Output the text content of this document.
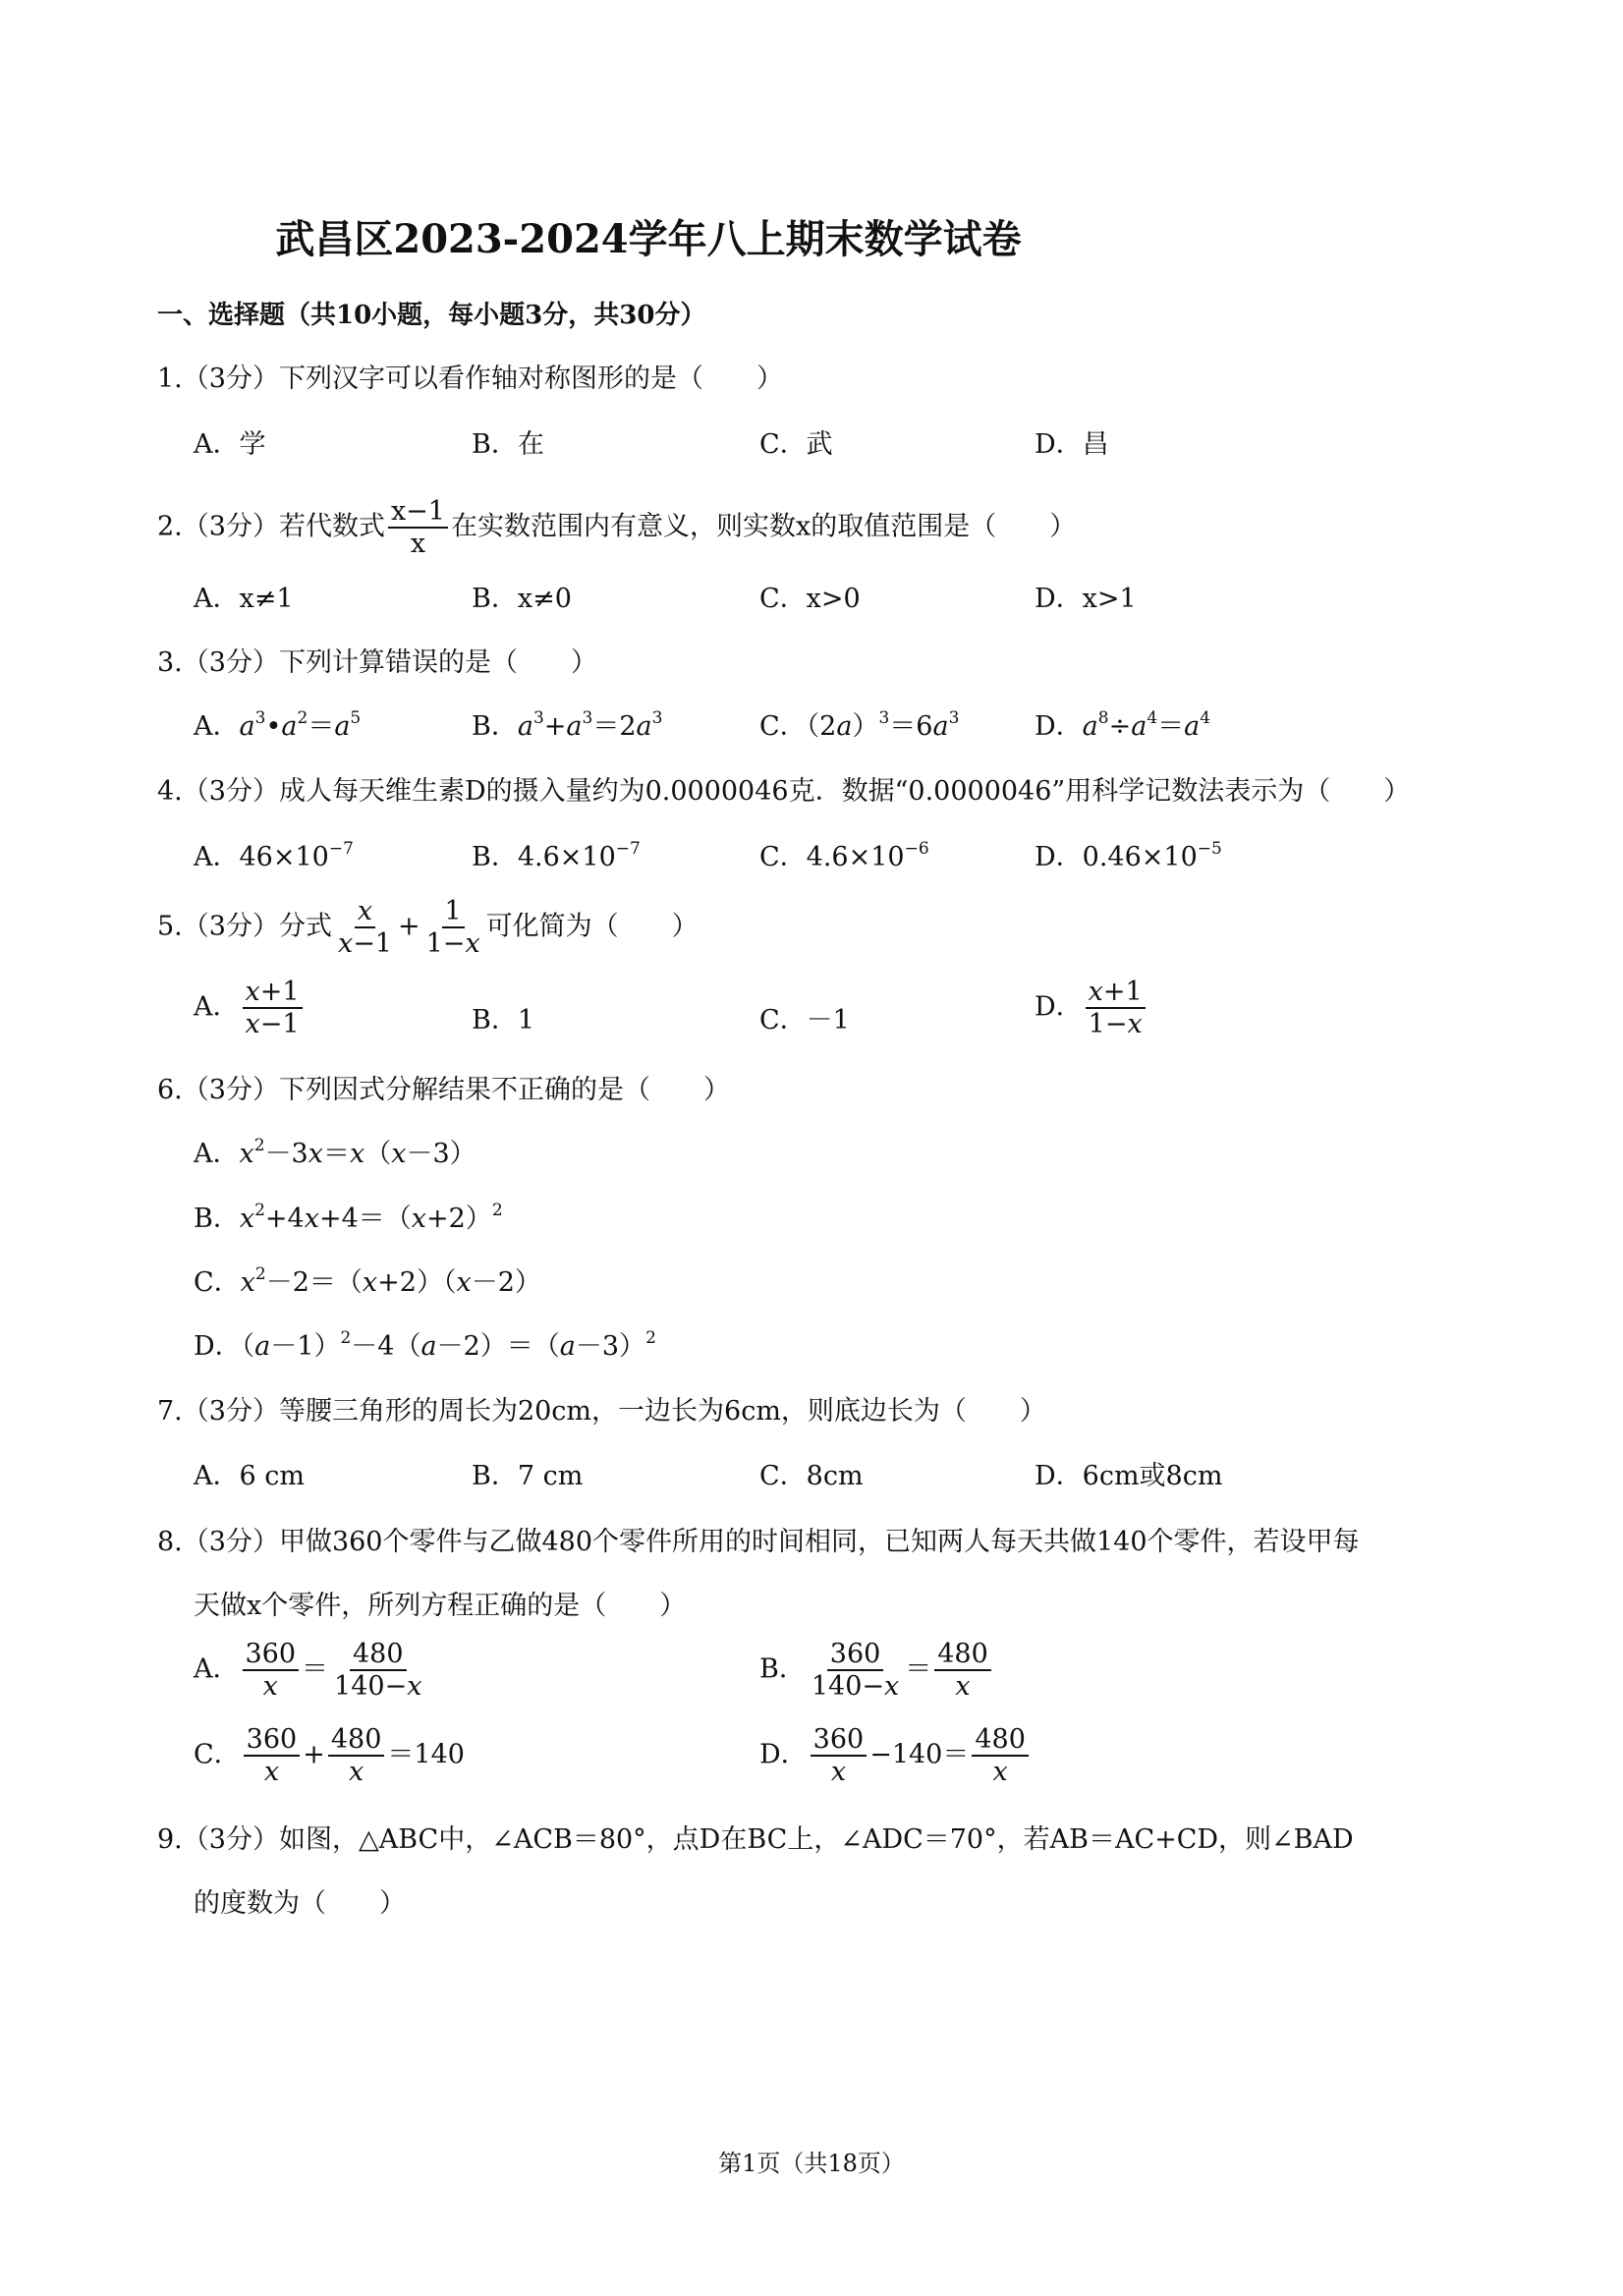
武昌区2023-2024学年八上期末数学试卷
一、选择题（共10小题，每小题3分，共30分）
1.（3分）下列汉字可以看作轴对称图形的是（　　）
A．学	B．在	C．武	D．昌
2.（3分）若代数式 $\frac{x-1}{x}$ 在实数范围内有意义，则实数x的取值范围是（　　）
A．x≠1	B．x≠0	C．x>0	D．x>1
3.（3分）下列计算错误的是（　　）
A．$a^3•a^2=a^5$	B．$a^3+a^3=2a^3$	C．$(2a)^3=6a^3$	D．$a^8\div a^4=a^4$
4.（3分）成人每天维生素D的摄入量约为0.0000046克．数据“0.0000046”用科学记数法表示为（　　）
A．$46\times 10^{-7}$	B．$4.6\times 10^{-7}$	C．$4.6\times 10^{-6}$	D．$0.46\times 10^{-5}$
5.（3分）分式 $\frac{x}{x-1} + \frac{1}{1-x}$ 可化简为（　　）
A． $\frac{x+1}{x-1}$	B．1	C．－1	D． $\frac{x+1}{1-x}$
6.（3分）下列因式分解结果不正确的是（　　）
A．$x^2-3x=x(x-3)$
B．$x^2+4x+4=(x+2)^2$
C．$x^2-2=(x+2)(x-2)$
D．$(a-1)^2-4(a-2)=(a-3)^2$
7.（3分）等腰三角形的周长为20cm，一边长为6cm，则底边长为（　　）
A．6 cm	B．7 cm	C．8cm	D．6cm或8cm
8.（3分）甲做360个零件与乙做480个零件所用的时间相同，已知两人每天共做140个零件，若设甲每
天做x个零件，所列方程正确的是（　　）
A． $\frac{360}{x} = \frac{480}{140-x}$	B． $\frac{360}{140-x} = \frac{480}{x}$
C． $\frac{360}{x} + \frac{480}{x} =140$	D． $\frac{360}{x} -140= \frac{480}{x}$
9.（3分）如图，△ABC中，∠ACB＝80°，点D在BC上，∠ADC＝70°，若AB＝AC+CD，则∠BAD
的度数为（　　）
第1页（共18页）
